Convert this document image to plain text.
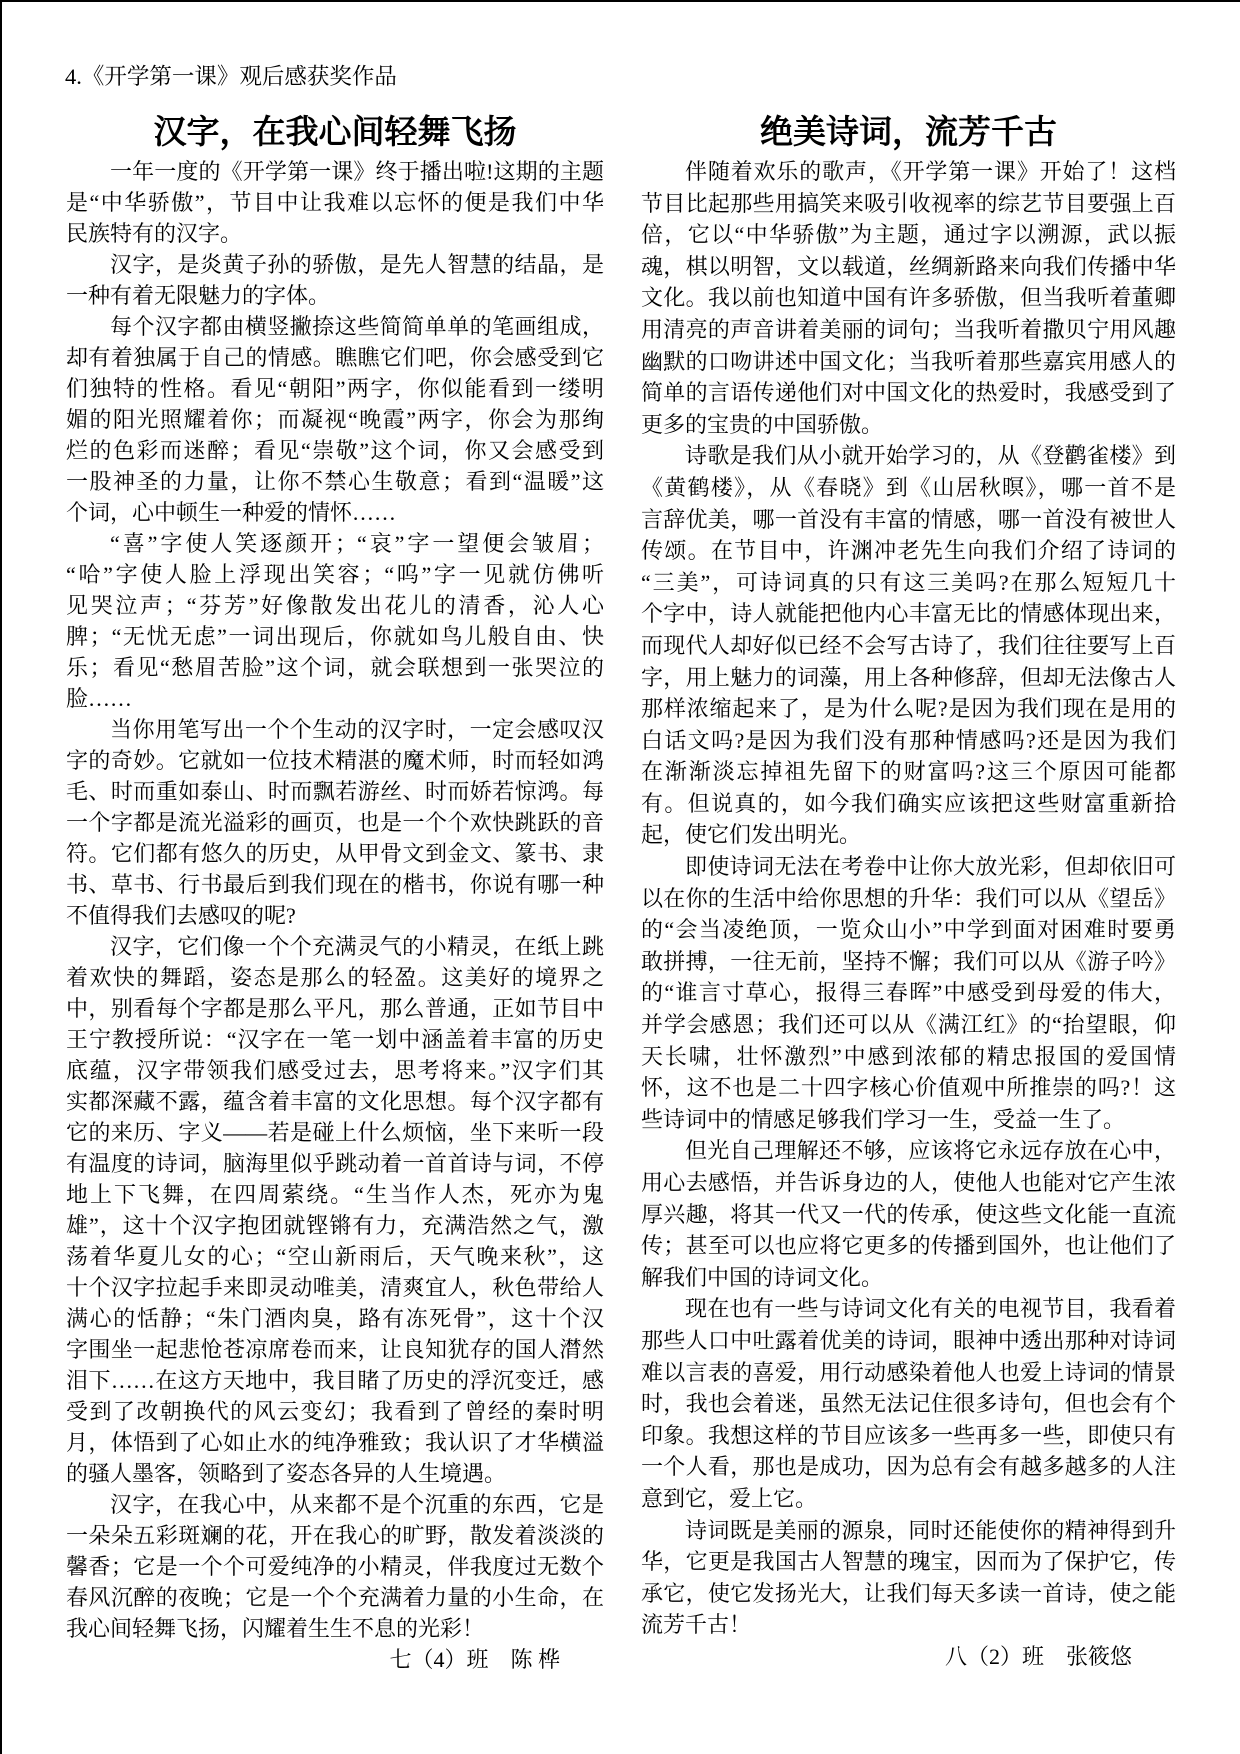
4.《开学第一课》观后感获奖作品
汉字，在我心间轻舞飞扬
一年一度的《开学第一课》终于播出啦!这期的主题
是“中华骄傲”，节目中让我难以忘怀的便是我们中华
民族特有的汉字。
汉字，是炎黄子孙的骄傲，是先人智慧的结晶，是
一种有着无限魅力的字体。
每个汉字都由横竖撇捺这些简简单单的笔画组成，
却有着独属于自己的情感。瞧瞧它们吧，你会感受到它
们独特的性格。看见“朝阳”两字，你似能看到一缕明
媚的阳光照耀着你；而凝视“晚霞”两字，你会为那绚
烂的色彩而迷醉；看见“崇敬”这个词，你又会感受到
一股神圣的力量，让你不禁心生敬意；看到“温暖”这
个词，心中顿生一种爱的情怀……
“喜”字使人笑逐颜开；“哀”字一望便会皱眉；
“哈”字使人脸上浮现出笑容；“呜”字一见就仿佛听
见哭泣声；“芬芳”好像散发出花儿的清香，沁人心
脾；“无忧无虑”一词出现后，你就如鸟儿般自由、快
乐；看见“愁眉苦脸”这个词，就会联想到一张哭泣的
脸……
当你用笔写出一个个生动的汉字时，一定会感叹汉
字的奇妙。它就如一位技术精湛的魔术师，时而轻如鸿
毛、时而重如泰山、时而飘若游丝、时而娇若惊鸿。每
一个字都是流光溢彩的画页，也是一个个欢快跳跃的音
符。它们都有悠久的历史，从甲骨文到金文、篆书、隶
书、草书、行书最后到我们现在的楷书，你说有哪一种
不值得我们去感叹的呢?
汉字，它们像一个个充满灵气的小精灵，在纸上跳
着欢快的舞蹈，姿态是那么的轻盈。这美好的境界之
中，别看每个字都是那么平凡，那么普通，正如节目中
王宁教授所说：“汉字在一笔一划中涵盖着丰富的历史
底蕴，汉字带领我们感受过去，思考将来。”汉字们其
实都深藏不露，蕴含着丰富的文化思想。每个汉字都有
它的来历、字义——若是碰上什么烦恼，坐下来听一段
有温度的诗词，脑海里似乎跳动着一首首诗与词，不停
地上下飞舞，在四周萦绕。“生当作人杰，死亦为鬼
雄”，这十个汉字抱团就铿锵有力，充满浩然之气，激
荡着华夏儿女的心；“空山新雨后，天气晚来秋”，这
十个汉字拉起手来即灵动唯美，清爽宜人，秋色带给人
满心的恬静；“朱门酒肉臭，路有冻死骨”，这十个汉
字围坐一起悲怆苍凉席卷而来，让良知犹存的国人潸然
泪下……在这方天地中，我目睹了历史的浮沉变迁，感
受到了改朝换代的风云变幻；我看到了曾经的秦时明
月，体悟到了心如止水的纯净雅致；我认识了才华横溢
的骚人墨客，领略到了姿态各异的人生境遇。
汉字，在我心中，从来都不是个沉重的东西，它是
一朵朵五彩斑斓的花，开在我心的旷野，散发着淡淡的
馨香；它是一个个可爱纯净的小精灵，伴我度过无数个
春风沉醉的夜晚；它是一个个充满着力量的小生命，在
我心间轻舞飞扬，闪耀着生生不息的光彩！
七（4）班　陈 桦
绝美诗词，流芳千古
伴随着欢乐的歌声，《开学第一课》开始了！这档
节目比起那些用搞笑来吸引收视率的综艺节目要强上百
倍，它以“中华骄傲”为主题，通过字以溯源，武以振
魂，棋以明智，文以载道，丝绸新路来向我们传播中华
文化。我以前也知道中国有许多骄傲，但当我听着董卿
用清亮的声音讲着美丽的词句；当我听着撒贝宁用风趣
幽默的口吻讲述中国文化；当我听着那些嘉宾用感人的
简单的言语传递他们对中国文化的热爱时，我感受到了
更多的宝贵的中国骄傲。
诗歌是我们从小就开始学习的，从《登鹳雀楼》到
《黄鹤楼》，从《春晓》到《山居秋暝》，哪一首不是
言辞优美，哪一首没有丰富的情感，哪一首没有被世人
传颂。在节目中，许渊冲老先生向我们介绍了诗词的
“三美”，可诗词真的只有这三美吗?在那么短短几十
个字中，诗人就能把他内心丰富无比的情感体现出来，
而现代人却好似已经不会写古诗了，我们往往要写上百
字，用上魅力的词藻，用上各种修辞，但却无法像古人
那样浓缩起来了，是为什么呢?是因为我们现在是用的
白话文吗?是因为我们没有那种情感吗?还是因为我们
在渐渐淡忘掉祖先留下的财富吗?这三个原因可能都
有。但说真的，如今我们确实应该把这些财富重新拾
起，使它们发出明光。
即使诗词无法在考卷中让你大放光彩，但却依旧可
以在你的生活中给你思想的升华：我们可以从《望岳》
的“会当凌绝顶，一览众山小”中学到面对困难时要勇
敢拼搏，一往无前，坚持不懈；我们可以从《游子吟》
的“谁言寸草心，报得三春晖”中感受到母爱的伟大，
并学会感恩；我们还可以从《满江红》的“抬望眼，仰
天长啸，壮怀激烈”中感到浓郁的精忠报国的爱国情
怀，这不也是二十四字核心价值观中所推崇的吗?！这
些诗词中的情感足够我们学习一生，受益一生了。
但光自己理解还不够，应该将它永远存放在心中，
用心去感悟，并告诉身边的人，使他人也能对它产生浓
厚兴趣，将其一代又一代的传承，使这些文化能一直流
传；甚至可以也应将它更多的传播到国外，也让他们了
解我们中国的诗词文化。
现在也有一些与诗词文化有关的电视节目，我看着
那些人口中吐露着优美的诗词，眼神中透出那种对诗词
难以言表的喜爱，用行动感染着他人也爱上诗词的情景
时，我也会着迷，虽然无法记住很多诗句，但也会有个
印象。我想这样的节目应该多一些再多一些，即使只有
一个人看，那也是成功，因为总有会有越多越多的人注
意到它，爱上它。
诗词既是美丽的源泉，同时还能使你的精神得到升
华，它更是我国古人智慧的瑰宝，因而为了保护它，传
承它，使它发扬光大，让我们每天多读一首诗，使之能
流芳千古！
八（2）班　张筱悠
